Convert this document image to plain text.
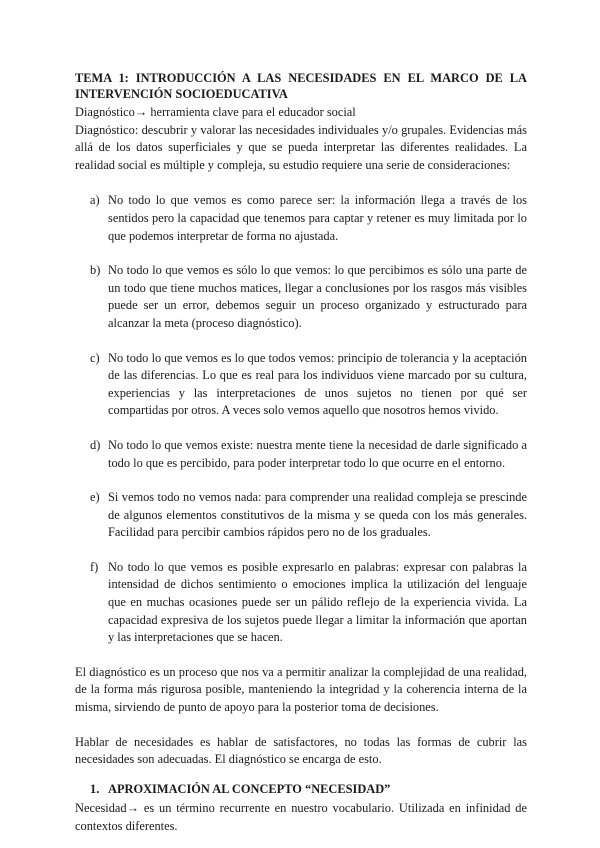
TEMA 1: INTRODUCCIÓN A LAS NECESIDADES EN EL MARCO DE LA INTERVENCIÓN SOCIOEDUCATIVA

Diagnóstico→ herramienta clave para el educador social

Diagnóstico: descubrir y valorar las necesidades individuales y/o grupales. Evidencias más allá de los datos superficiales y que se pueda interpretar las diferentes realidades. La realidad social es múltiple y compleja, su estudio requiere una serie de consideraciones:

a) No todo lo que vemos es como parece ser: la información llega a través de los sentidos pero la capacidad que tenemos para captar y retener es muy limitada por lo que podemos interpretar de forma no ajustada.
b) No todo lo que vemos es sólo lo que vemos: lo que percibimos es sólo una parte de un todo que tiene muchos matices, llegar a conclusiones por los rasgos más visibles puede ser un error, debemos seguir un proceso organizado y estructurado para alcanzar la meta (proceso diagnóstico).
c) No todo lo que vemos es lo que todos vemos: principio de tolerancia y la aceptación de las diferencias. Lo que es real para los individuos viene marcado por su cultura, experiencias y las interpretaciones de unos sujetos no tienen por qué ser compartidas por otros. A veces solo vemos aquello que nosotros hemos vivido.
d) No todo lo que vemos existe: nuestra mente tiene la necesidad de darle significado a todo lo que es percibido, para poder interpretar todo lo que ocurre en el entorno.
e) Si vemos todo no vemos nada: para comprender una realidad compleja se prescinde de algunos elementos constitutivos de la misma y se queda con los más generales. Facilidad para percibir cambios rápidos pero no de los graduales.
f) No todo lo que vemos es posible expresarlo en palabras: expresar con palabras la intensidad de dichos sentimiento o emociones implica la utilización del lenguaje que en muchas ocasiones puede ser un pálido reflejo de la experiencia vivida. La capacidad expresiva de los sujetos puede llegar a limitar la información que aportan y las interpretaciones que se hacen.

El diagnóstico es un proceso que nos va a permitir analizar la complejidad de una realidad, de la forma más rigurosa posible, manteniendo la integridad y la coherencia interna de la misma, sirviendo de punto de apoyo para la posterior toma de decisiones.

Hablar de necesidades es hablar de satisfactores, no todas las formas de cubrir las necesidades son adecuadas. El diagnóstico se encarga de esto.

1. APROXIMACIÓN AL CONCEPTO “NECESIDAD”

Necesidad→ es un término recurrente en nuestro vocabulario. Utilizada en infinidad de contextos diferentes.
